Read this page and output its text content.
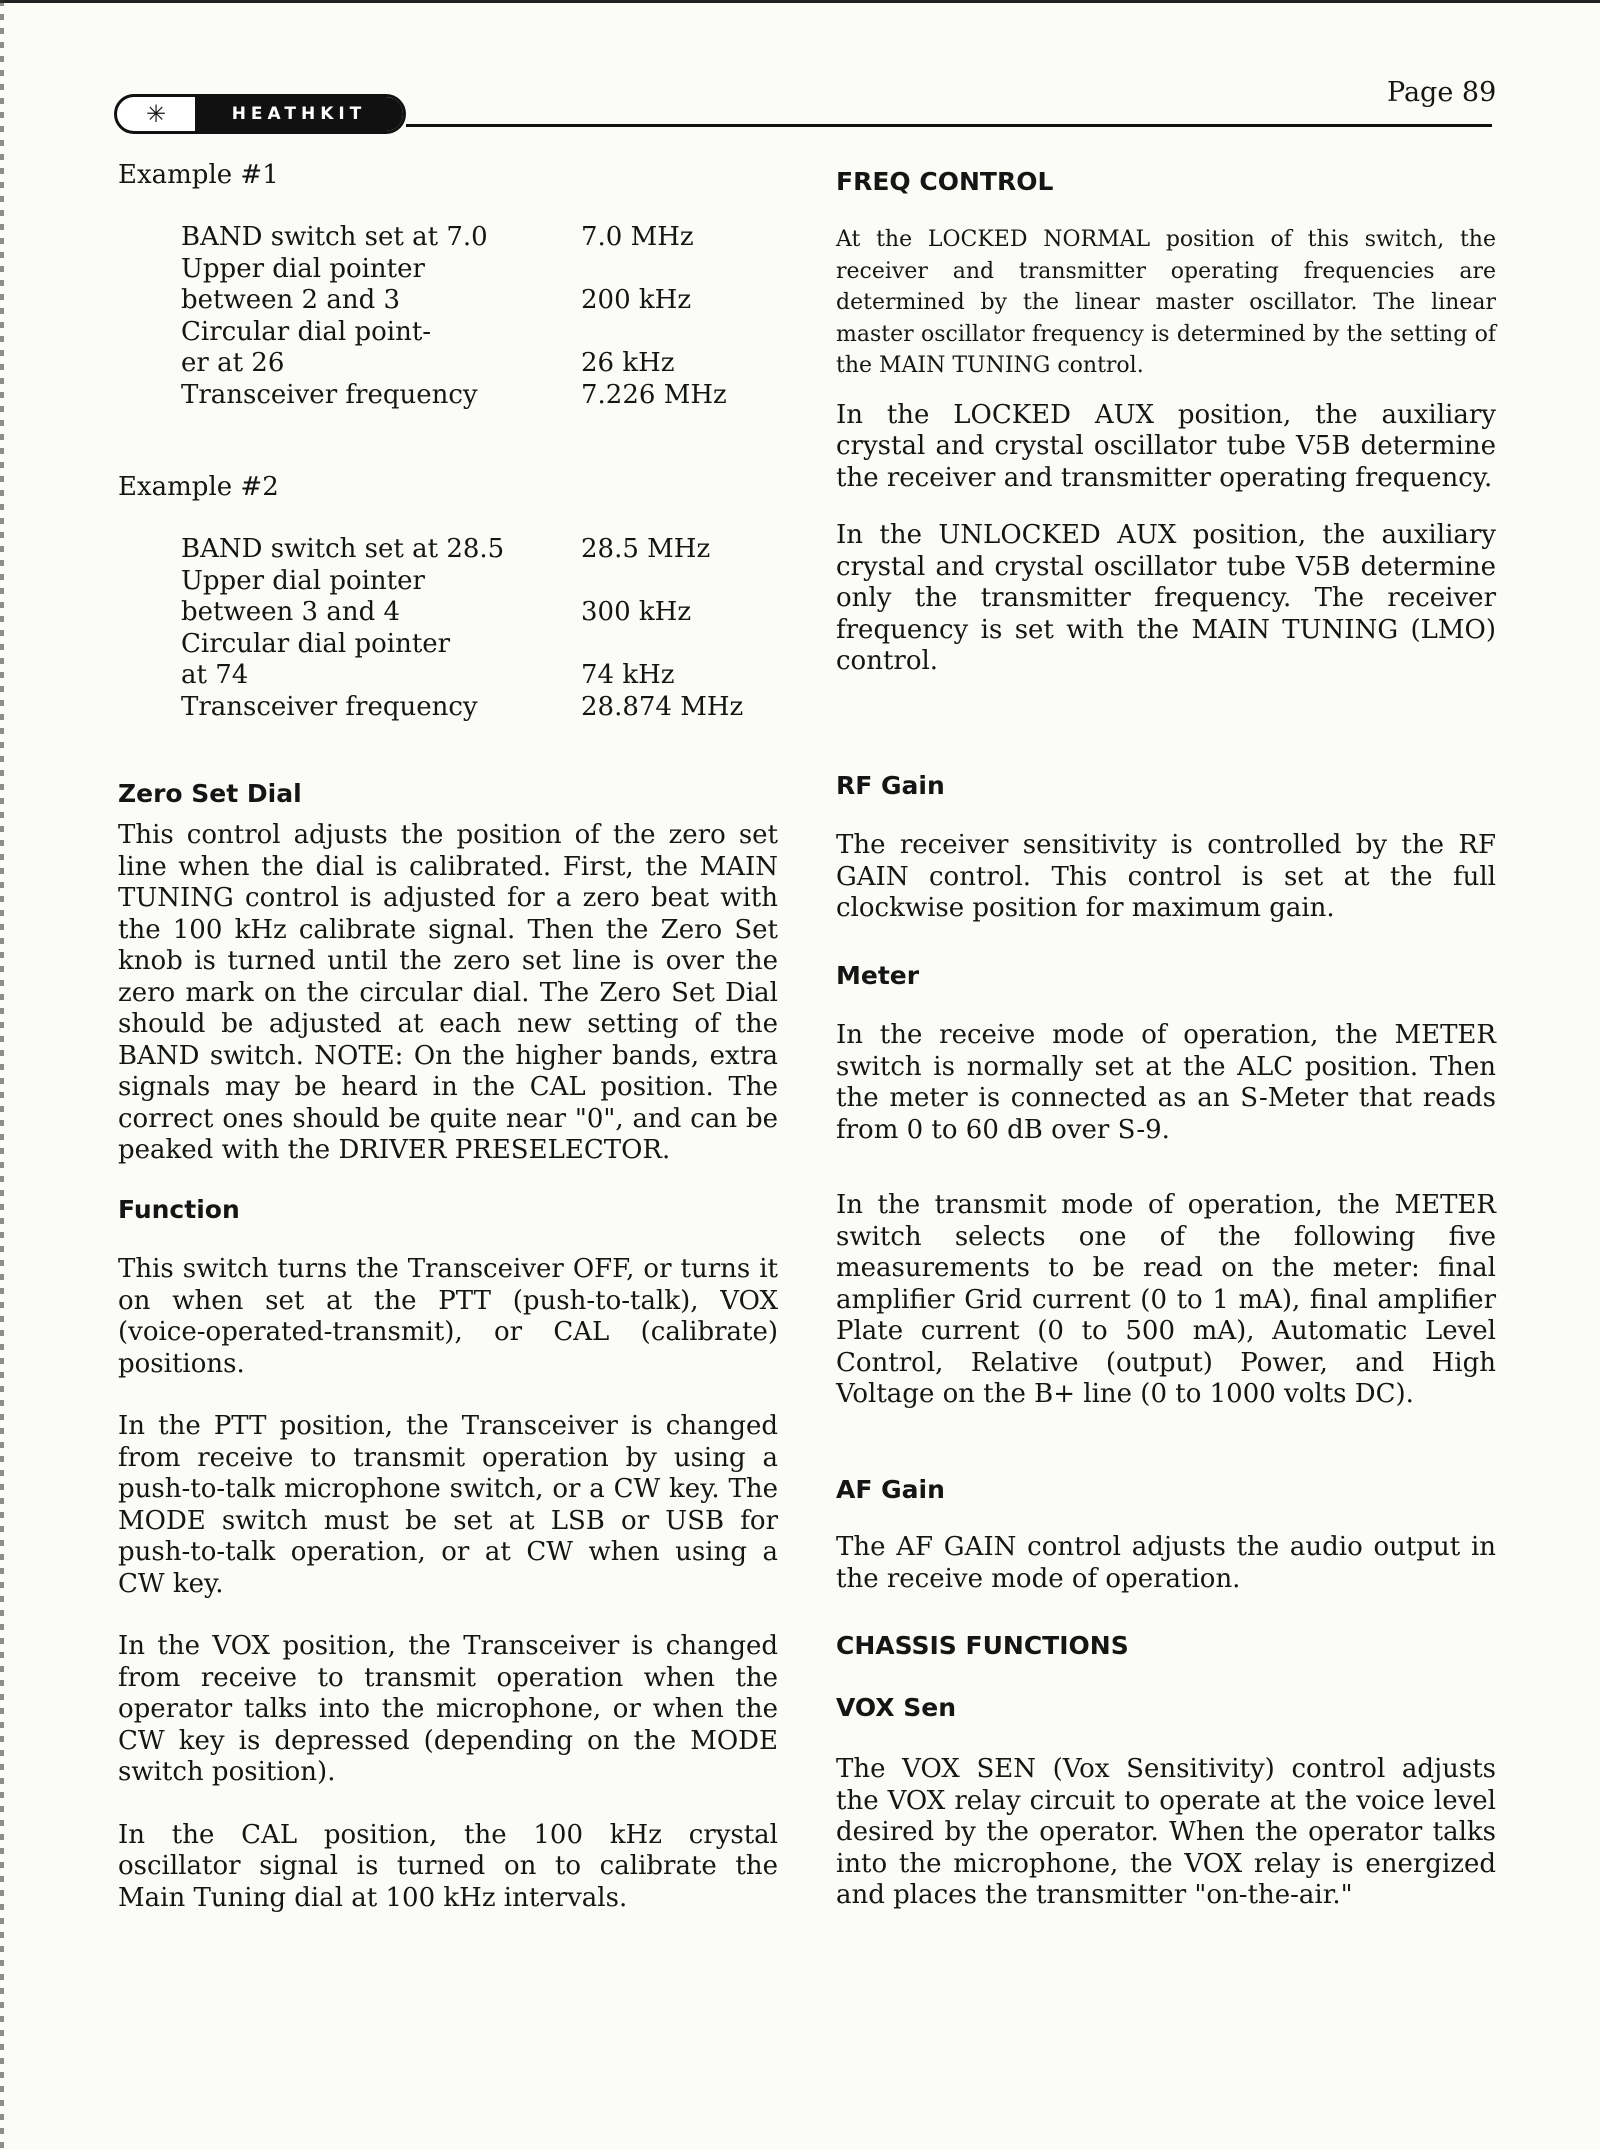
✳	HEATHKIT
Page 89
Example #1
BAND switch set at 7.0	7.0 MHz
Upper dial pointer	
between 2 and 3	200 kHz
Circular dial point-	
er at 26	26 kHz

Transceiver frequency	7.226 MHz
Example #2
BAND switch set at 28.5	28.5 MHz
Upper dial pointer	
between 3 and 4	300 kHz
Circular dial pointer	
at 74	74 kHz

Transceiver frequency	28.874 MHz
Zero Set Dial

This control adjusts the position of the zero set line when the dial is calibrated. First, the MAIN TUNING control is adjusted for a zero beat with the 100 kHz calibrate signal. Then the Zero Set knob is turned until the zero set line is over the zero mark on the circular dial. The Zero Set Dial should be adjusted at each new setting of the BAND switch. NOTE: On the higher bands, extra signals may be heard in the CAL position. The correct ones should be quite near "0", and can be peaked with the DRIVER PRESELECTOR.

Function

This switch turns the Transceiver OFF, or turns it on when set at the PTT (push-to-talk), VOX (voice-operated-transmit), or CAL (calibrate) positions.

In the PTT position, the Transceiver is changed from receive to transmit operation by using a push-to-talk microphone switch, or a CW key. The MODE switch must be set at LSB or USB for push-to-talk operation, or at CW when using a CW key.

In the VOX position, the Transceiver is changed from receive to transmit operation when the operator talks into the microphone, or when the CW key is depressed (depending on the MODE switch position).

In the CAL position, the 100 kHz crystal oscillator signal is turned on to calibrate the Main Tuning dial at 100 kHz intervals.

FREQ CONTROL

At the LOCKED NORMAL position of this switch, the receiver and transmitter operating frequencies are determined by the linear master oscillator. The linear master oscillator frequency is determined by the setting of the MAIN TUNING control.

In the LOCKED AUX position, the auxiliary crystal and crystal oscillator tube V5B determine the receiver and transmitter operating frequency.

In the UNLOCKED AUX position, the auxiliary crystal and crystal oscillator tube V5B determine only the transmitter frequency. The receiver frequency is set with the MAIN TUNING (LMO) control.

RF Gain

The receiver sensitivity is controlled by the RF GAIN control. This control is set at the full clockwise position for maximum gain.

Meter

In the receive mode of operation, the METER switch is normally set at the ALC position. Then the meter is connected as an S-Meter that reads from 0 to 60 dB over S-9.

In the transmit mode of operation, the METER switch selects one of the following five measurements to be read on the meter: final amplifier Grid current (0 to 1 mA), final amplifier Plate current (0 to 500 mA), Automatic Level Control, Relative (output) Power, and High Voltage on the B+ line (0 to 1000 volts DC).

AF Gain

The AF GAIN control adjusts the audio output in the receive mode of operation.

CHASSIS FUNCTIONS
VOX Sen

The VOX SEN (Vox Sensitivity) control adjusts the VOX relay circuit to operate at the voice level desired by the operator. When the operator talks into the microphone, the VOX relay is energized and places the transmitter "on-the-air."
